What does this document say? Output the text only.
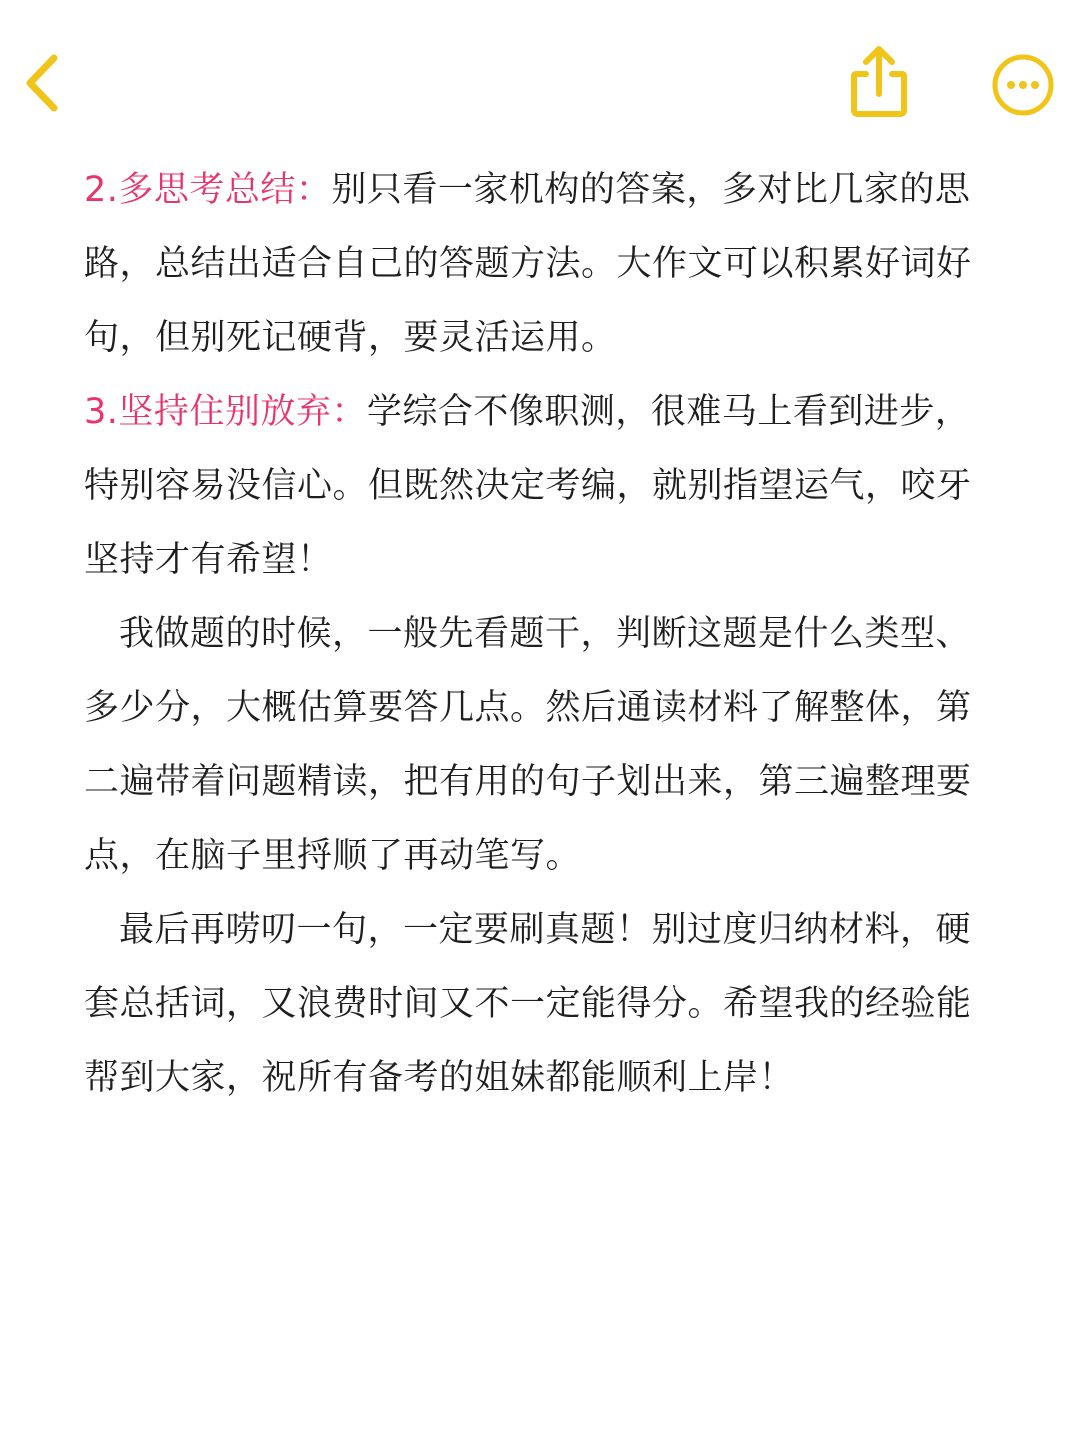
2.多思考总结：别只看一家机构的答案，多对比几家的思路，总结出适合自己的答题方法。大作文可以积累好词好句，但别死记硬背，要灵活运用。

3.坚持住别放弃：学综合不像职测，很难马上看到进步，特别容易没信心。但既然决定考编，就别指望运气，咬牙坚持才有希望！

我做题的时候，一般先看题干，判断这题是什么类型、多少分，大概估算要答几点。然后通读材料了解整体，第二遍带着问题精读，把有用的句子划出来，第三遍整理要点，在脑子里捋顺了再动笔写。

最后再唠叨一句，一定要刷真题！别过度归纳材料，硬套总括词，又浪费时间又不一定能得分。希望我的经验能帮到大家，祝所有备考的姐妹都能顺利上岸！
